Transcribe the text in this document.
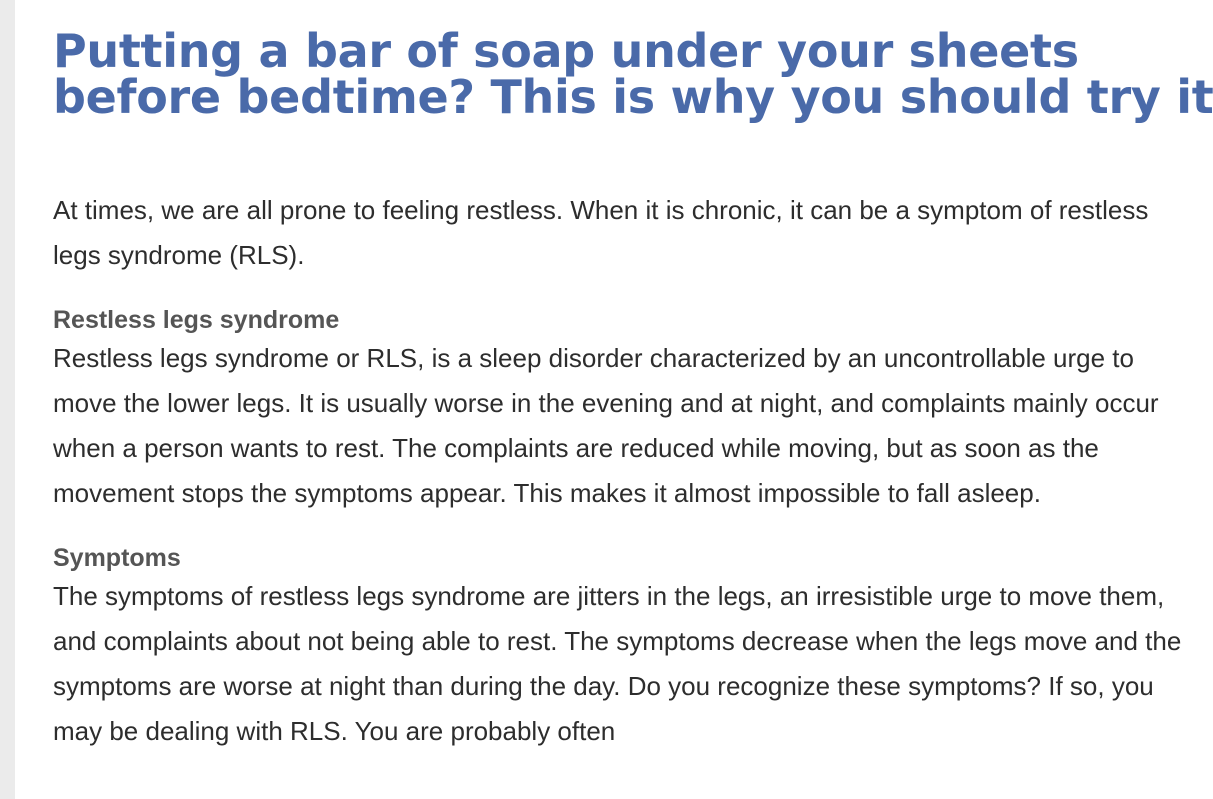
Putting a bar of soap under your sheets
before bedtime? This is why you should try it

At times, we are all prone to feeling restless. When it is chronic, it can be a symptom of restless legs syndrome (RLS).

Restless legs syndrome

Restless legs syndrome or RLS, is a sleep disorder characterized by an uncontrollable urge to move the lower legs. It is usually worse in the evening and at night, and complaints mainly occur when a person wants to rest. The complaints are reduced while moving, but as soon as the movement stops the symptoms appear. This makes it almost impossible to fall asleep.

Symptoms

The symptoms of restless legs syndrome are jitters in the legs, an irresistible urge to move them, and complaints about not being able to rest. The symptoms decrease when the legs move and the symptoms are worse at night than during the day. Do you recognize these symptoms? If so, you may be dealing with RLS. You are probably often
